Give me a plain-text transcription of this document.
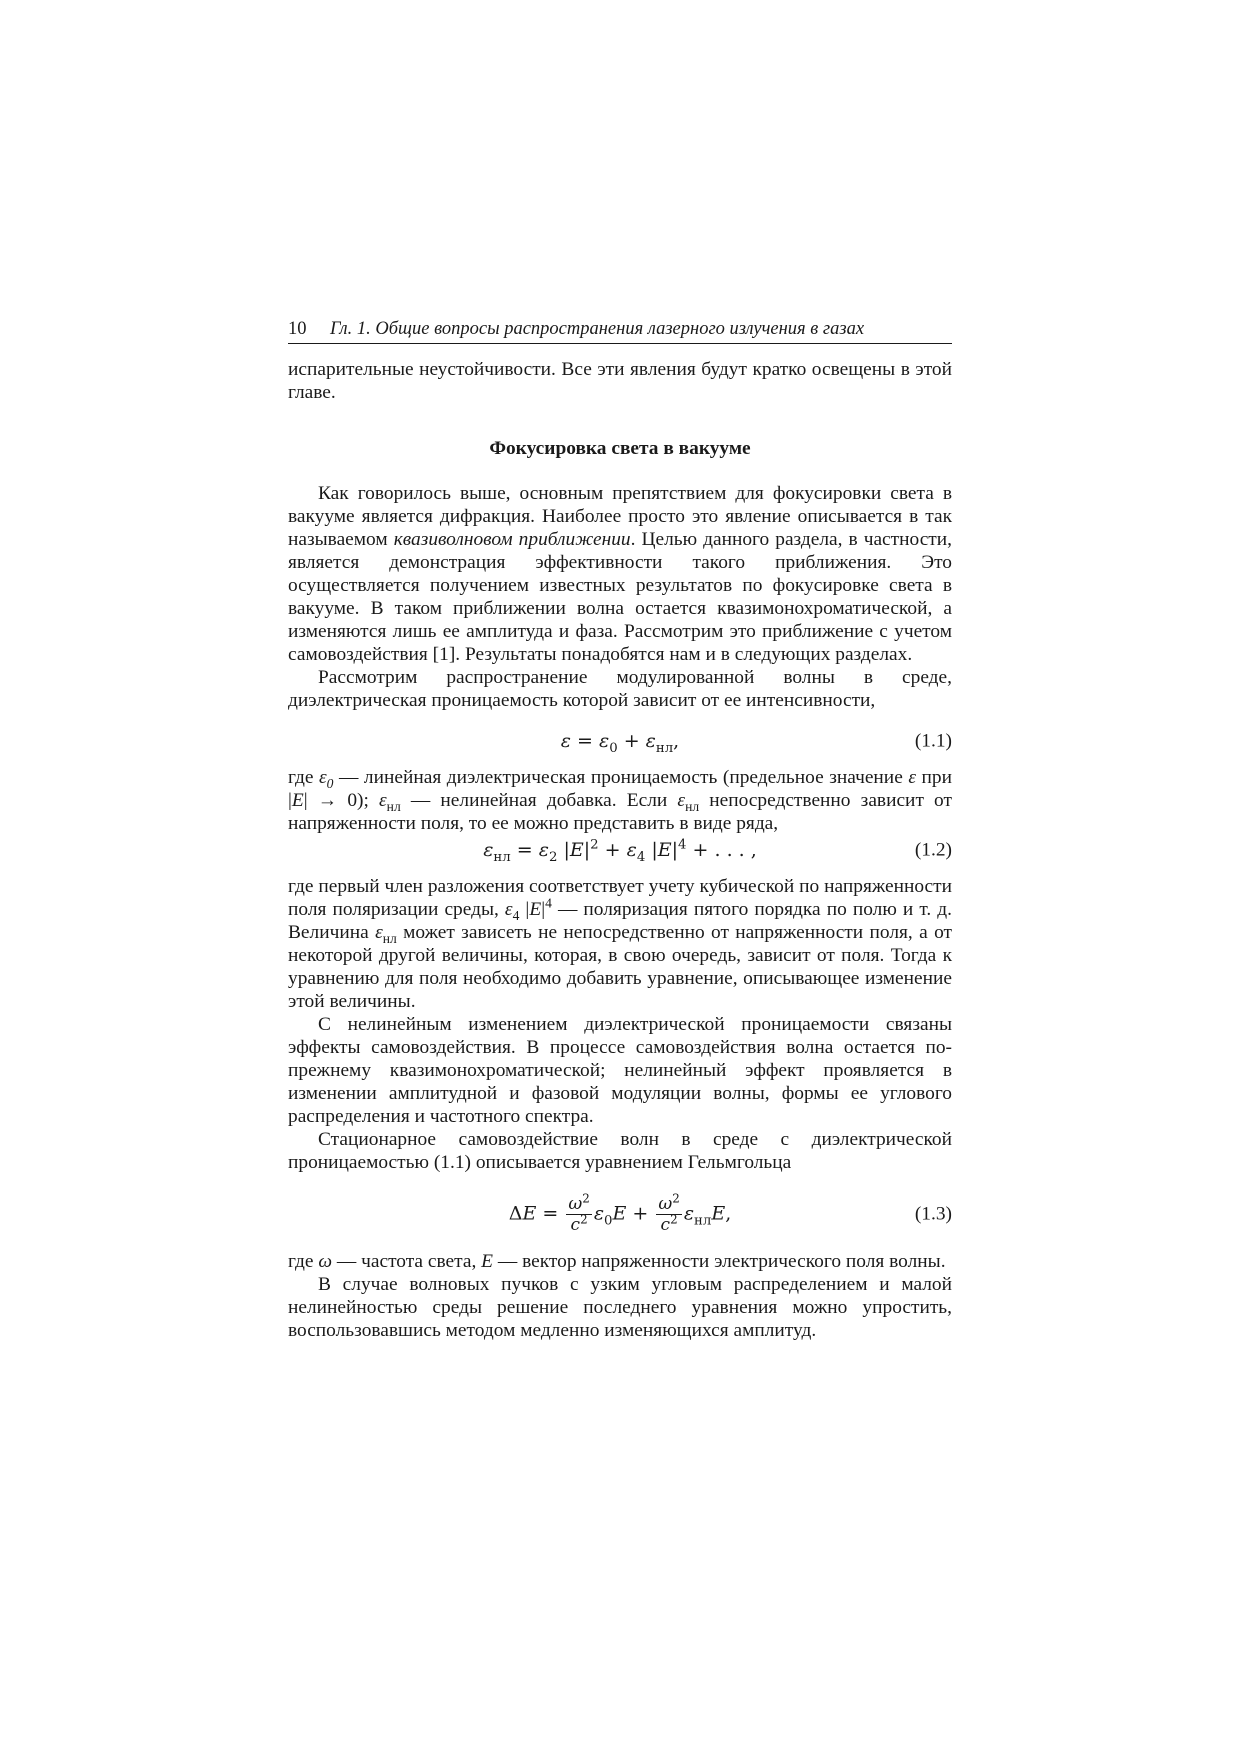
10	Гл. 1. Общие вопросы распространения лазерного излучения в газах

испарительные неустойчивости. Все эти явления будут кратко освещены в этой главе.

Фокусировка света в вакууме

Как говорилось выше, основным препятствием для фокусировки света в вакууме является дифракция. Наиболее просто это явление описывается в так называемом квазиволновом приближении. Целью данного раздела, в частности, является демонстрация эффективности такого приближения. Это осуществляется получением известных результатов по фокусировке света в вакууме. В таком приближении волна остается квазимонохроматической, а изменяются лишь ее амплитуда и фаза. Рассмотрим это приближение с учетом самовоздействия [1]. Результаты понадобятся нам и в следующих разделах.

Рассмотрим распространение модулированной волны в среде, диэлектрическая проницаемость которой зависит от ее интенсивности,

$\varepsilon = \varepsilon_0 + \varepsilon_{нл}$,	(1.1)

где $\varepsilon_0$ — линейная диэлектрическая проницаемость (предельное значение ε при |E| → 0); $\varepsilon_{нл}$ — нелинейная добавка. Если $\varepsilon_{нл}$ непосредственно зависит от напряженности поля, то ее можно представить в виде ряда,

$\varepsilon_{нл} = \varepsilon_2$ $|E|^2 + \varepsilon_4$ $|E|^4$ + . . . ,	(1.2)

где первый член разложения соответствует учету кубической по напряженности поля поляризации среды, $\varepsilon_4$ $|E|^4$ — поляризация пятого порядка по полю и т. д. Величина $\varepsilon_{нл}$ может зависеть не непосредственно от напряженности поля, а от некоторой другой величины, которая, в свою очередь, зависит от поля. Тогда к уравнению для поля необходимо добавить уравнение, описывающее изменение этой величины.

С нелинейным изменением диэлектрической проницаемости связаны эффекты самовоздействия. В процессе самовоздействия волна остается по-прежнему квазимонохроматической; нелинейный эффект проявляется в изменении амплитудной и фазовой модуляции волны, формы ее углового распределения и частотного спектра.

Стационарное самовоздействие волн в среде с диэлектрической проницаемостью (1.1) описывается уравнением Гельмгольца

$\Delta E = \frac{\omega^2}{c^2} \varepsilon_0E + \frac{\omega^2}{c^2} \varepsilon_{нл}E$,	(1.3)

где ω — частота света, E — вектор напряженности электрического поля волны.

В случае волновых пучков с узким угловым распределением и малой нелинейностью среды решение последнего уравнения можно упростить, воспользовавшись методом медленно изменяющихся амплитуд.
